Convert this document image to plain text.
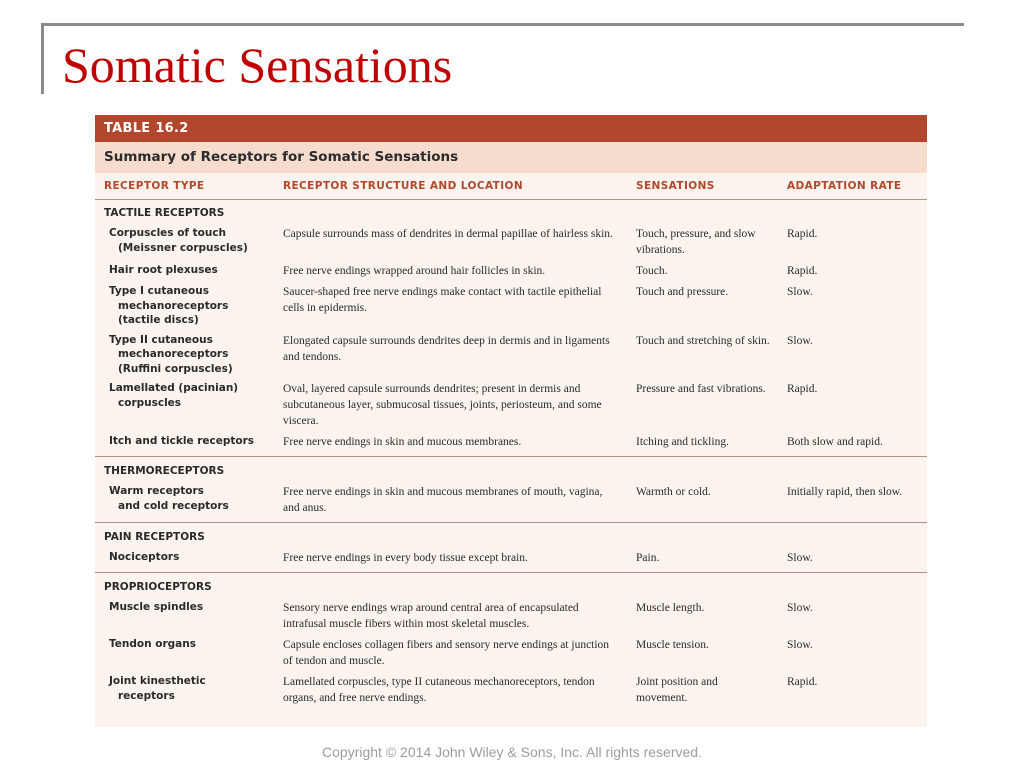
Somatic Sensations
TABLE 16.2
Summary of Receptors for Somatic Sensations
RECEPTOR TYPE	RECEPTOR STRUCTURE AND LOCATION	SENSATIONS	ADAPTATION RATE
TACTILE RECEPTORS			

Corpuscles of touch
(Meissner corpuscles)	Capsule surrounds mass of dendrites in dermal papillae of hairless skin.	Touch, pressure, and slow vibrations.	Rapid.

Hair root plexuses	Free nerve endings wrapped around hair follicles in skin.	Touch.	Rapid.

Type I cutaneous
mechanoreceptors
(tactile discs)	Saucer-shaped free nerve endings make contact with tactile epithelial cells in epidermis.	Touch and pressure.	Slow.

Type II cutaneous
mechanoreceptors
(Ruffini corpuscles)	Elongated capsule surrounds dendrites deep in dermis and in ligaments and tendons.	Touch and stretching of skin.	Slow.

Lamellated (pacinian)
corpuscles	Oval, layered capsule surrounds dendrites; present in dermis and subcutaneous layer, submucosal tissues, joints, periosteum, and some viscera.	Pressure and fast vibrations.	Rapid.

Itch and tickle receptors	Free nerve endings in skin and mucous membranes.	Itching and tickling.	Both slow and rapid.
THERMORECEPTORS			

Warm receptors
and cold receptors	Free nerve endings in skin and mucous membranes of mouth, vagina, and anus.	Warmth or cold.	Initially rapid, then slow.
PAIN RECEPTORS			

Nociceptors	Free nerve endings in every body tissue except brain.	Pain.	Slow.
PROPRIOCEPTORS			

Muscle spindles	Sensory nerve endings wrap around central area of encapsulated intrafusal muscle fibers within most skeletal muscles.	Muscle length.	Slow.

Tendon organs	Capsule encloses collagen fibers and sensory nerve endings at junction of tendon and muscle.	Muscle tension.	Slow.

Joint kinesthetic
receptors	Lamellated corpuscles, type II cutaneous mechanoreceptors, tendon organs, and free nerve endings.	Joint position and movement.	Rapid.
Copyright © 2014 John Wiley & Sons, Inc. All rights reserved.
